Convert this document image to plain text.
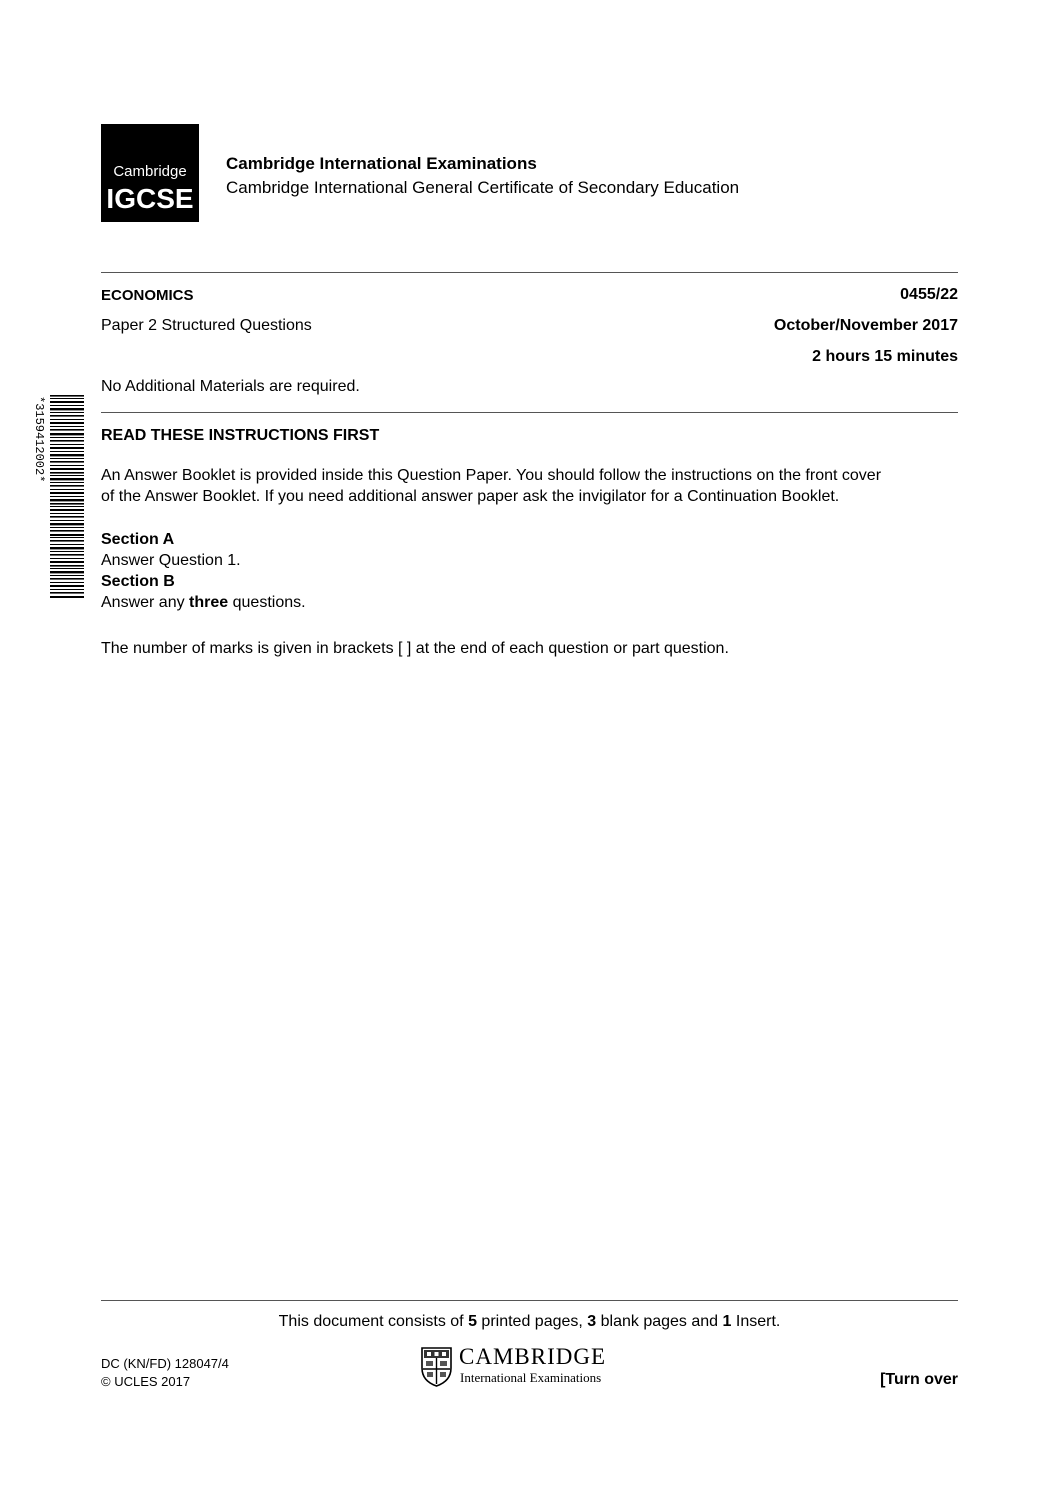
Cambridge
IGCSE
Cambridge International Examinations
Cambridge International General Certificate of Secondary Education
ECONOMICS	0455/22
Paper 2 Structured Questions	October/November 2017
2 hours 15 minutes
No Additional Materials are required.
*3159412002*	READ THESE INSTRUCTIONS FIRST
An Answer Booklet is provided inside this Question Paper. You should follow the instructions on the front cover
of the Answer Booklet. If you need additional answer paper ask the invigilator for a Continuation Booklet.
Section A
Answer Question 1.
Section B
Answer any three questions.
The number of marks is given in brackets [ ] at the end of each question or part question.
This document consists of 5 printed pages, 3 blank pages and 1 Insert.
DC (KN/FD) 128047/4
© UCLES 2017
CAMBRIDGE
International Examinations	[Turn over
